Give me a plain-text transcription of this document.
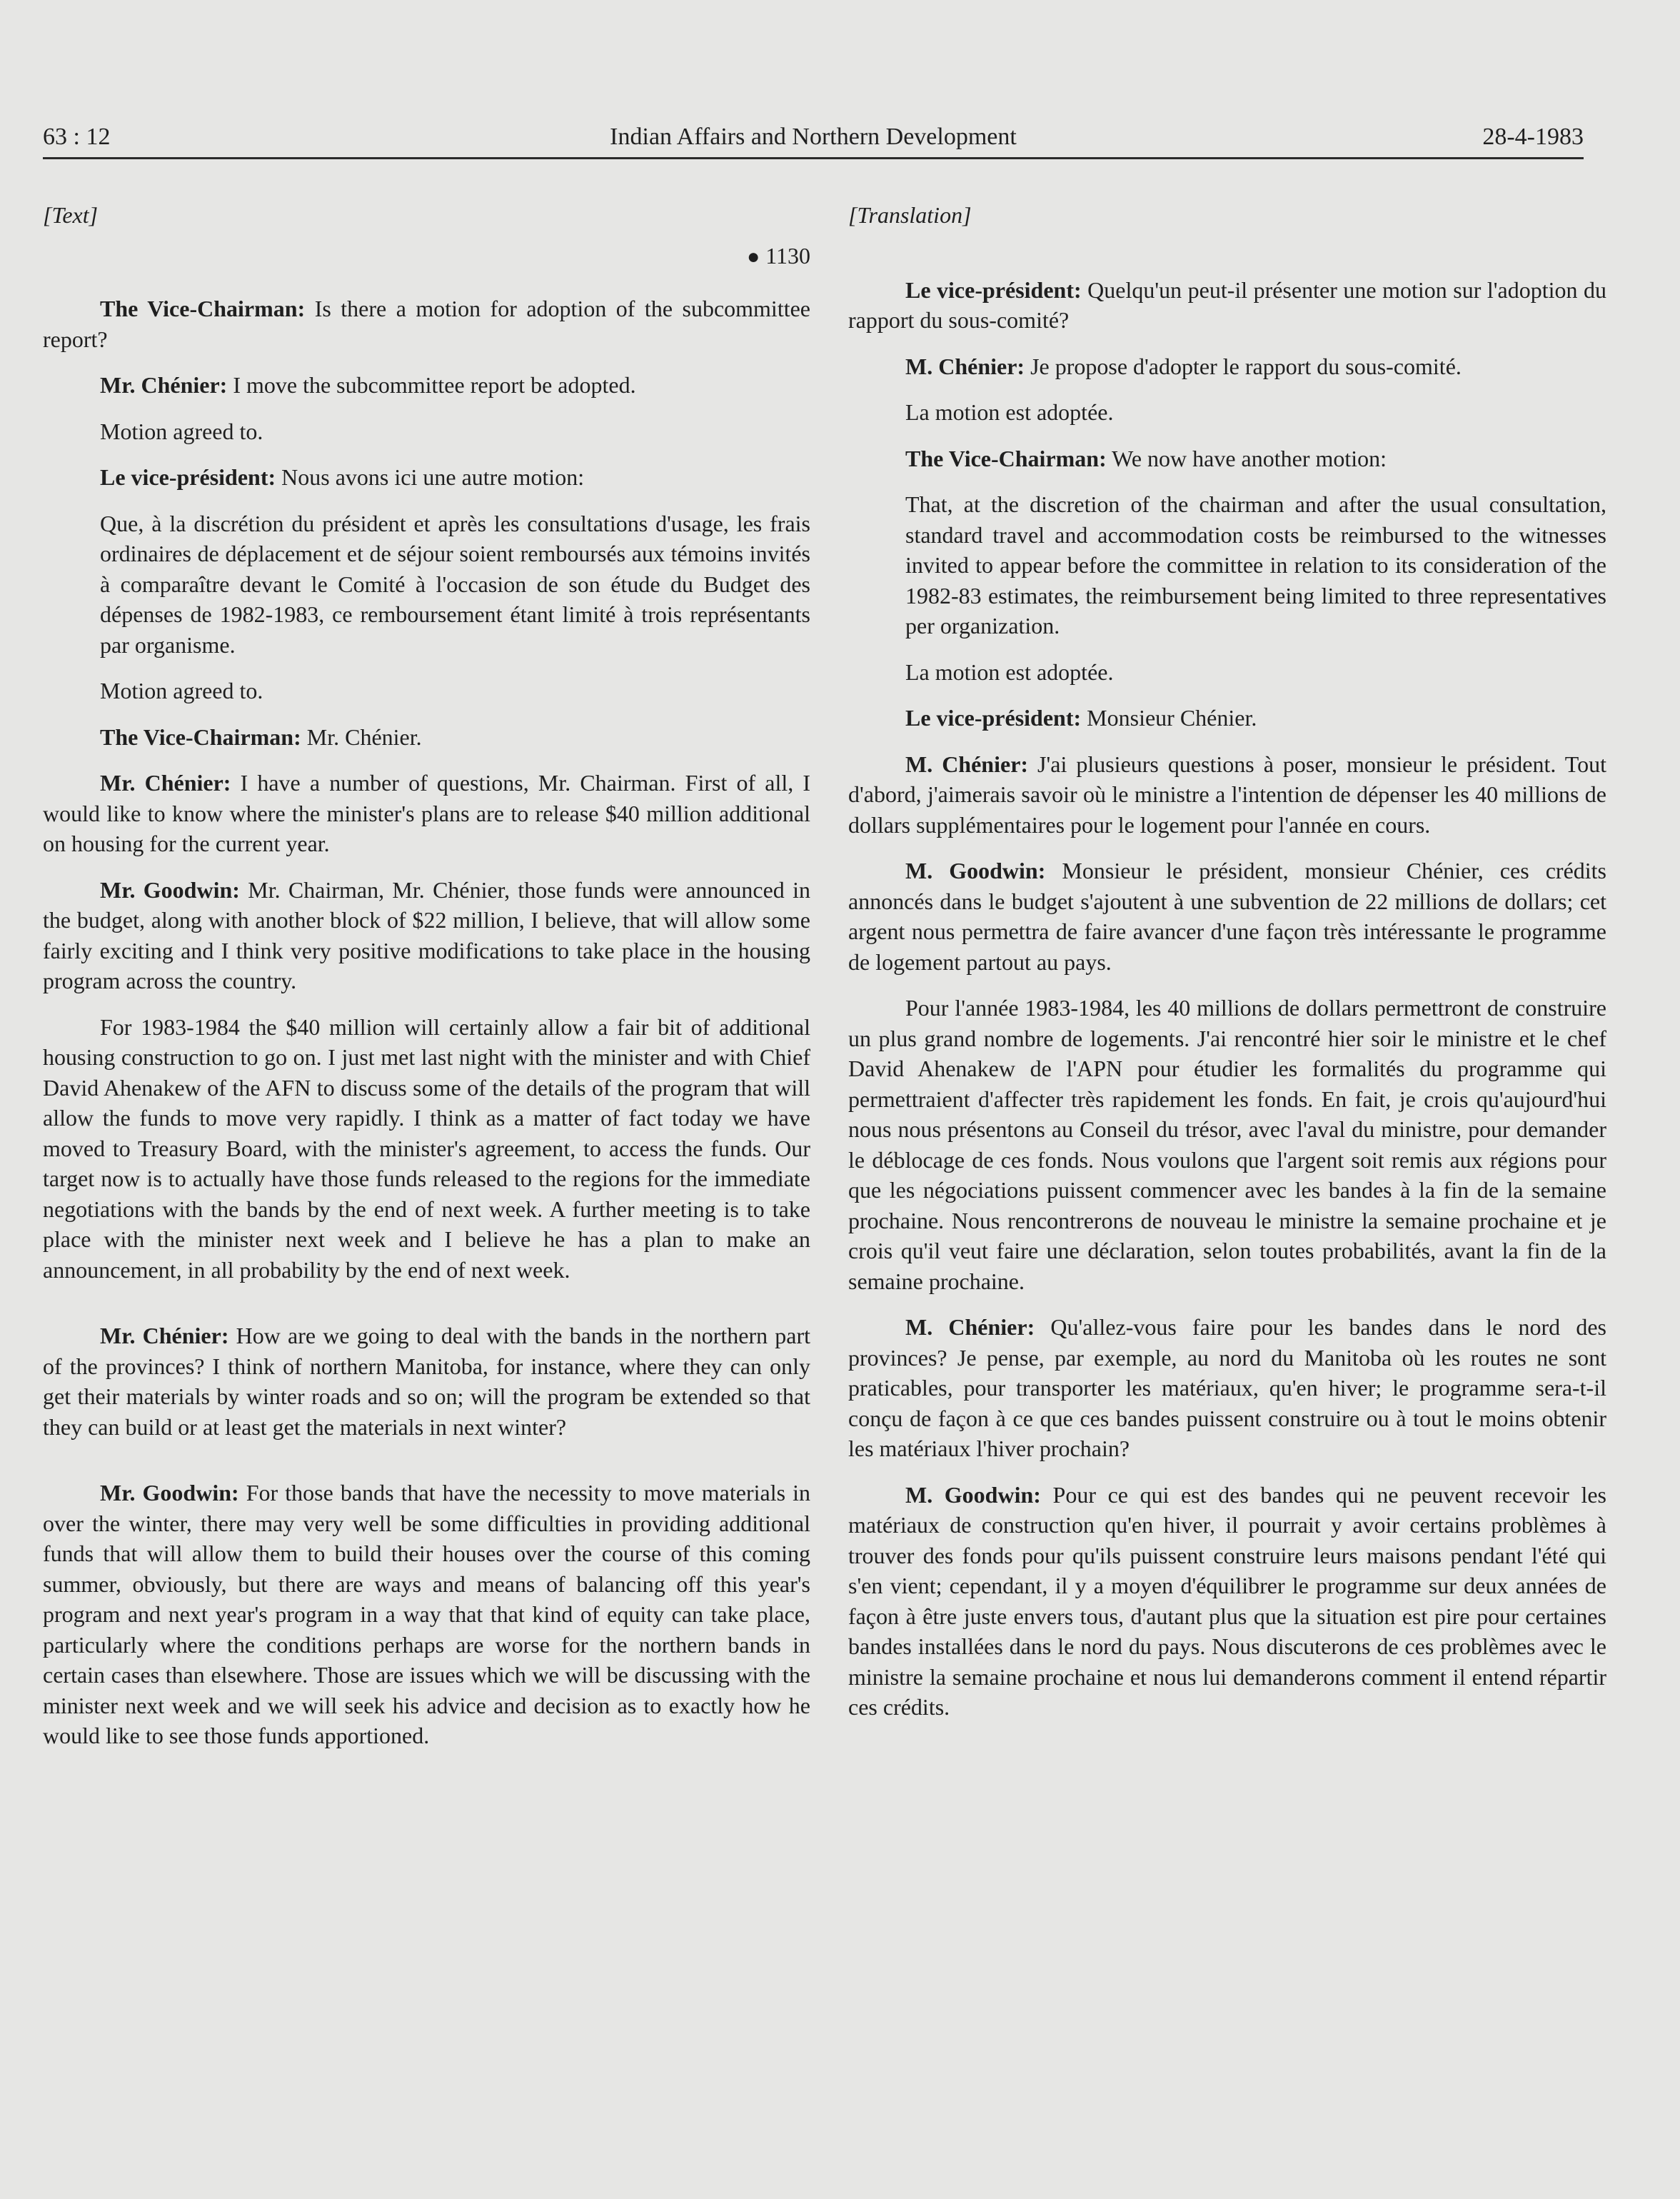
63 : 12	Indian Affairs and Northern Development	28-4-1983
[Text]
● 1130

The Vice-Chairman: Is there a motion for adoption of the subcommittee report?

Mr. Chénier: I move the subcommittee report be adopted.

Motion agreed to.

Le vice-président: Nous avons ici une autre motion:

Que, à la discrétion du président et après les consultations d'usage, les frais ordinaires de déplacement et de séjour soient remboursés aux témoins invités à comparaître devant le Comité à l'occasion de son étude du Budget des dépenses de 1982-1983, ce remboursement étant limité à trois représentants par organisme.

Motion agreed to.

The Vice-Chairman: Mr. Chénier.

Mr. Chénier: I have a number of questions, Mr. Chairman. First of all, I would like to know where the minister's plans are to release $40 million additional on housing for the current year.

Mr. Goodwin: Mr. Chairman, Mr. Chénier, those funds were announced in the budget, along with another block of $22 million, I believe, that will allow some fairly exciting and I think very positive modifications to take place in the housing program across the country.

For 1983-1984 the $40 million will certainly allow a fair bit of additional housing construction to go on. I just met last night with the minister and with Chief David Ahenakew of the AFN to discuss some of the details of the program that will allow the funds to move very rapidly. I think as a matter of fact today we have moved to Treasury Board, with the minister's agreement, to access the funds. Our target now is to actually have those funds released to the regions for the immediate negotiations with the bands by the end of next week. A further meeting is to take place with the minister next week and I believe he has a plan to make an announcement, in all probability by the end of next week.

Mr. Chénier: How are we going to deal with the bands in the northern part of the provinces? I think of northern Manitoba, for instance, where they can only get their materials by winter roads and so on; will the program be extended so that they can build or at least get the materials in next winter?

Mr. Goodwin: For those bands that have the necessity to move materials in over the winter, there may very well be some difficulties in providing additional funds that will allow them to build their houses over the course of this coming summer, obviously, but there are ways and means of balancing off this year's program and next year's program in a way that that kind of equity can take place, particularly where the conditions perhaps are worse for the northern bands in certain cases than elsewhere. Those are issues which we will be discussing with the minister next week and we will seek his advice and decision as to exactly how he would like to see those funds apportioned.

[Translation]

Le vice-président: Quelqu'un peut-il présenter une motion sur l'adoption du rapport du sous-comité?

M. Chénier: Je propose d'adopter le rapport du sous-comité.

La motion est adoptée.

The Vice-Chairman: We now have another motion:

That, at the discretion of the chairman and after the usual consultation, standard travel and accommodation costs be reimbursed to the witnesses invited to appear before the committee in relation to its consideration of the 1982-83 estimates, the reimbursement being limited to three representatives per organization.

La motion est adoptée.

Le vice-président: Monsieur Chénier.

M. Chénier: J'ai plusieurs questions à poser, monsieur le président. Tout d'abord, j'aimerais savoir où le ministre a l'intention de dépenser les 40 millions de dollars supplémentaires pour le logement pour l'année en cours.

M. Goodwin: Monsieur le président, monsieur Chénier, ces crédits annoncés dans le budget s'ajoutent à une subvention de 22 millions de dollars; cet argent nous permettra de faire avancer d'une façon très intéressante le programme de logement partout au pays.

Pour l'année 1983-1984, les 40 millions de dollars permettront de construire un plus grand nombre de logements. J'ai rencontré hier soir le ministre et le chef David Ahenakew de l'APN pour étudier les formalités du programme qui permettraient d'affecter très rapidement les fonds. En fait, je crois qu'aujourd'hui nous nous présentons au Conseil du trésor, avec l'aval du ministre, pour demander le déblocage de ces fonds. Nous voulons que l'argent soit remis aux régions pour que les négociations puissent commencer avec les bandes à la fin de la semaine prochaine. Nous rencontrerons de nouveau le ministre la semaine prochaine et je crois qu'il veut faire une déclaration, selon toutes probabilités, avant la fin de la semaine prochaine.

M. Chénier: Qu'allez-vous faire pour les bandes dans le nord des provinces? Je pense, par exemple, au nord du Manitoba où les routes ne sont praticables, pour transporter les matériaux, qu'en hiver; le programme sera-t-il conçu de façon à ce que ces bandes puissent construire ou à tout le moins obtenir les matériaux l'hiver prochain?

M. Goodwin: Pour ce qui est des bandes qui ne peuvent recevoir les matériaux de construction qu'en hiver, il pourrait y avoir certains problèmes à trouver des fonds pour qu'ils puissent construire leurs maisons pendant l'été qui s'en vient; cependant, il y a moyen d'équilibrer le programme sur deux années de façon à être juste envers tous, d'autant plus que la situation est pire pour certaines bandes installées dans le nord du pays. Nous discuterons de ces problèmes avec le ministre la semaine prochaine et nous lui demanderons comment il entend répartir ces crédits.
